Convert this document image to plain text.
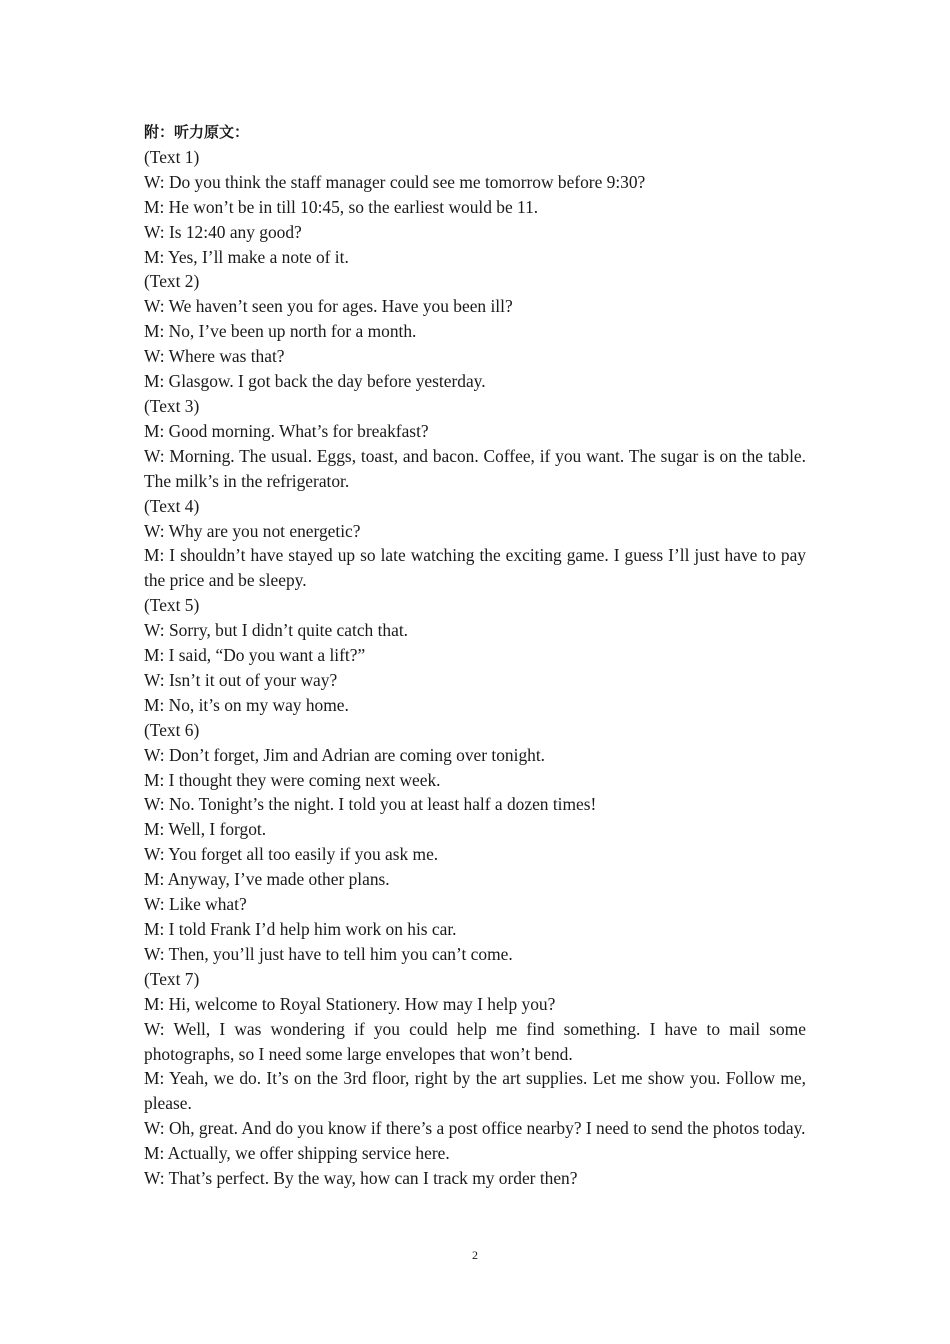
附：听力原文：

(Text 1)

W: Do you think the staff manager could see me tomorrow before 9:30?

M: He won’t be in till 10:45, so the earliest would be 11.

W: Is 12:40 any good?

M: Yes, I’ll make a note of it.

(Text 2)

W: We haven’t seen you for ages. Have you been ill?

M: No, I’ve been up north for a month.

W: Where was that?

M: Glasgow. I got back the day before yesterday.

(Text 3)

M: Good morning. What’s for breakfast?

W: Morning. The usual. Eggs, toast, and bacon. Coffee, if you want. The sugar is on the table. The milk’s in the refrigerator.

(Text 4)

W: Why are you not energetic?

M: I shouldn’t have stayed up so late watching the exciting game. I guess I’ll just have to pay the price and be sleepy.

(Text 5)

W: Sorry, but I didn’t quite catch that.

M: I said, “Do you want a lift?”

W: Isn’t it out of your way?

M: No, it’s on my way home.

(Text 6)

W: Don’t forget, Jim and Adrian are coming over tonight.

M: I thought they were coming next week.

W: No. Tonight’s the night. I told you at least half a dozen times!

M: Well, I forgot.

W: You forget all too easily if you ask me.

M: Anyway, I’ve made other plans.

W: Like what?

M: I told Frank I’d help him work on his car.

W: Then, you’ll just have to tell him you can’t come.

(Text 7)

M: Hi, welcome to Royal Stationery. How may I help you?

W: Well, I was wondering if you could help me find something. I have to mail some photographs, so I need some large envelopes that won’t bend.

M: Yeah, we do. It’s on the 3rd floor, right by the art supplies. Let me show you. Follow me, please.

W: Oh, great. And do you know if there’s a post office nearby? I need to send the photos today.

M: Actually, we offer shipping service here.

W: That’s perfect. By the way, how can I track my order then?

2
